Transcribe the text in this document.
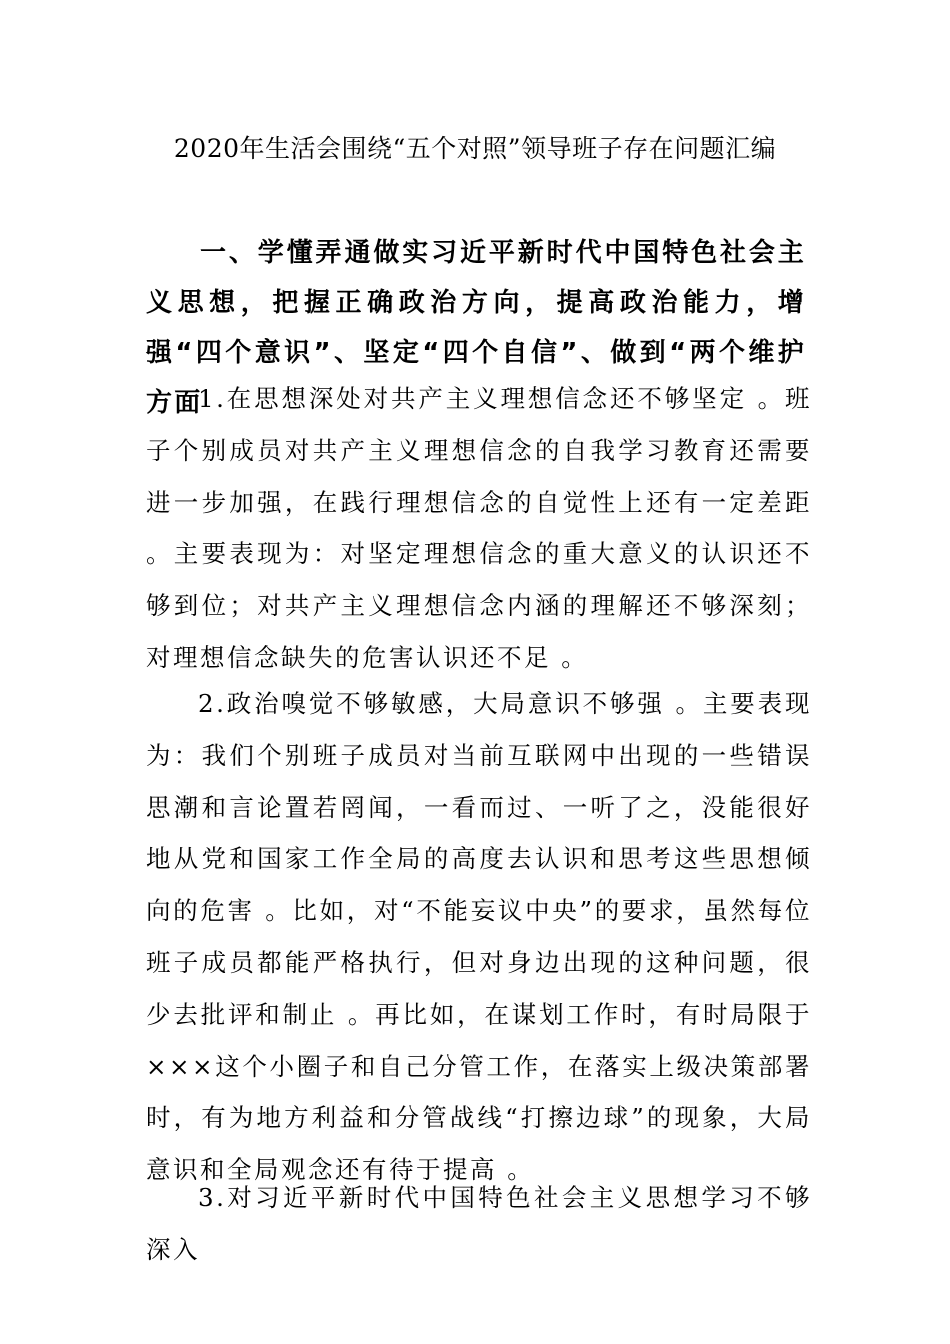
2020年生活会围绕“五个对照”领导班子存在问题汇编
一、学懂弄通做实习近平新时代中国特色社会主义思想，把握正确政治方向，提高政治能力，增强“四个意识”、坚定“四个自信”、做到“两个维护方面
1.在思想深处对共产主义理想信念还不够坚定 。班子个别成员对共产主义理想信念的自我学习教育还需要进一步加强，在践行理想信念的自觉性上还有一定差距 。主要表现为：对坚定理想信念的重大意义的认识还不够到位；对共产主义理想信念内涵的理解还不够深刻；对理想信念缺失的危害认识还不足 。
2.政治嗅觉不够敏感，大局意识不够强 。主要表现为：我们个别班子成员对当前互联网中出现的一些错误思潮和言论置若罔闻，一看而过、一听了之，没能很好地从党和国家工作全局的高度去认识和思考这些思想倾向的危害 。比如，对“不能妄议中央”的要求，虽然每位班子成员都能严格执行，但对身边出现的这种问题，很少去批评和制止 。再比如，在谋划工作时，有时局限于×××这个小圈子和自己分管工作，在落实上级决策部署时，有为地方利益和分管战线“打擦边球”的现象，大局意识和全局观念还有待于提高 。
3.对习近平新时代中国特色社会主义思想学习不够深入
